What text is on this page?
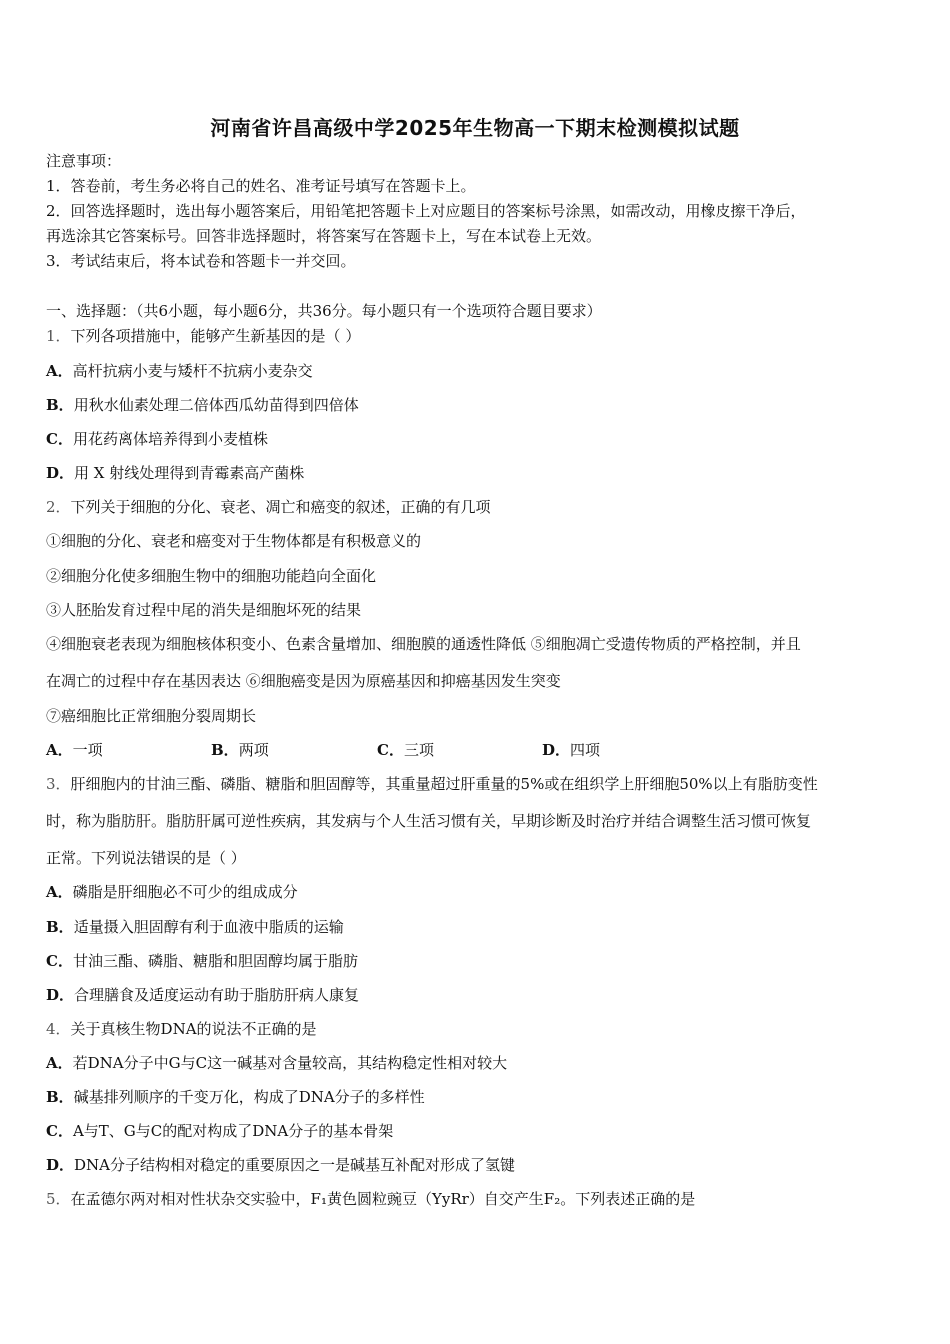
河南省许昌高级中学2025年生物高一下期末检测模拟试题
注意事项：
1．答卷前，考生务必将自己的姓名、准考证号填写在答题卡上。
2．回答选择题时，选出每小题答案后，用铅笔把答题卡上对应题目的答案标号涂黑，如需改动，用橡皮擦干净后，
再选涂其它答案标号。回答非选择题时，将答案写在答题卡上，写在本试卷上无效。
3．考试结束后，将本试卷和答题卡一并交回。
一、选择题：（共6小题，每小题6分，共36分。每小题只有一个选项符合题目要求）
1．下列各项措施中，能够产生新基因的是（ ）
A．高杆抗病小麦与矮杆不抗病小麦杂交
B．用秋水仙素处理二倍体西瓜幼苗得到四倍体
C．用花药离体培养得到小麦植株
D．用 X 射线处理得到青霉素高产菌株
2．下列关于细胞的分化、衰老、凋亡和癌变的叙述，正确的有几项
①细胞的分化、衰老和癌变对于生物体都是有积极意义的
②细胞分化使多细胞生物中的细胞功能趋向全面化
③人胚胎发育过程中尾的消失是细胞坏死的结果
④细胞衰老表现为细胞核体积变小、色素含量增加、细胞膜的通透性降低 ⑤细胞凋亡受遗传物质的严格控制，并且
在凋亡的过程中存在基因表达 ⑥细胞癌变是因为原癌基因和抑癌基因发生突变
⑦癌细胞比正常细胞分裂周期长
A．一项	B．两项	C．三项	D．四项
3．肝细胞内的甘油三酯、磷脂、糖脂和胆固醇等，其重量超过肝重量的5%或在组织学上肝细胞50%以上有脂肪变性
时，称为脂肪肝。脂肪肝属可逆性疾病，其发病与个人生活习惯有关，早期诊断及时治疗并结合调整生活习惯可恢复
正常。下列说法错误的是（ ）
A．磷脂是肝细胞必不可少的组成成分
B．适量摄入胆固醇有利于血液中脂质的运输
C．甘油三酯、磷脂、糖脂和胆固醇均属于脂肪
D．合理膳食及适度运动有助于脂肪肝病人康复
4．关于真核生物DNA的说法不正确的是
A．若DNA分子中G与C这一碱基对含量较高，其结构稳定性相对较大
B．碱基排列顺序的千变万化，构成了DNA分子的多样性
C．A与T、G与C的配对构成了DNA分子的基本骨架
D．DNA分子结构相对稳定的重要原因之一是碱基互补配对形成了氢键
5．在孟德尔两对相对性状杂交实验中，F₁黄色圆粒豌豆（YyRr）自交产生F₂。下列表述正确的是
